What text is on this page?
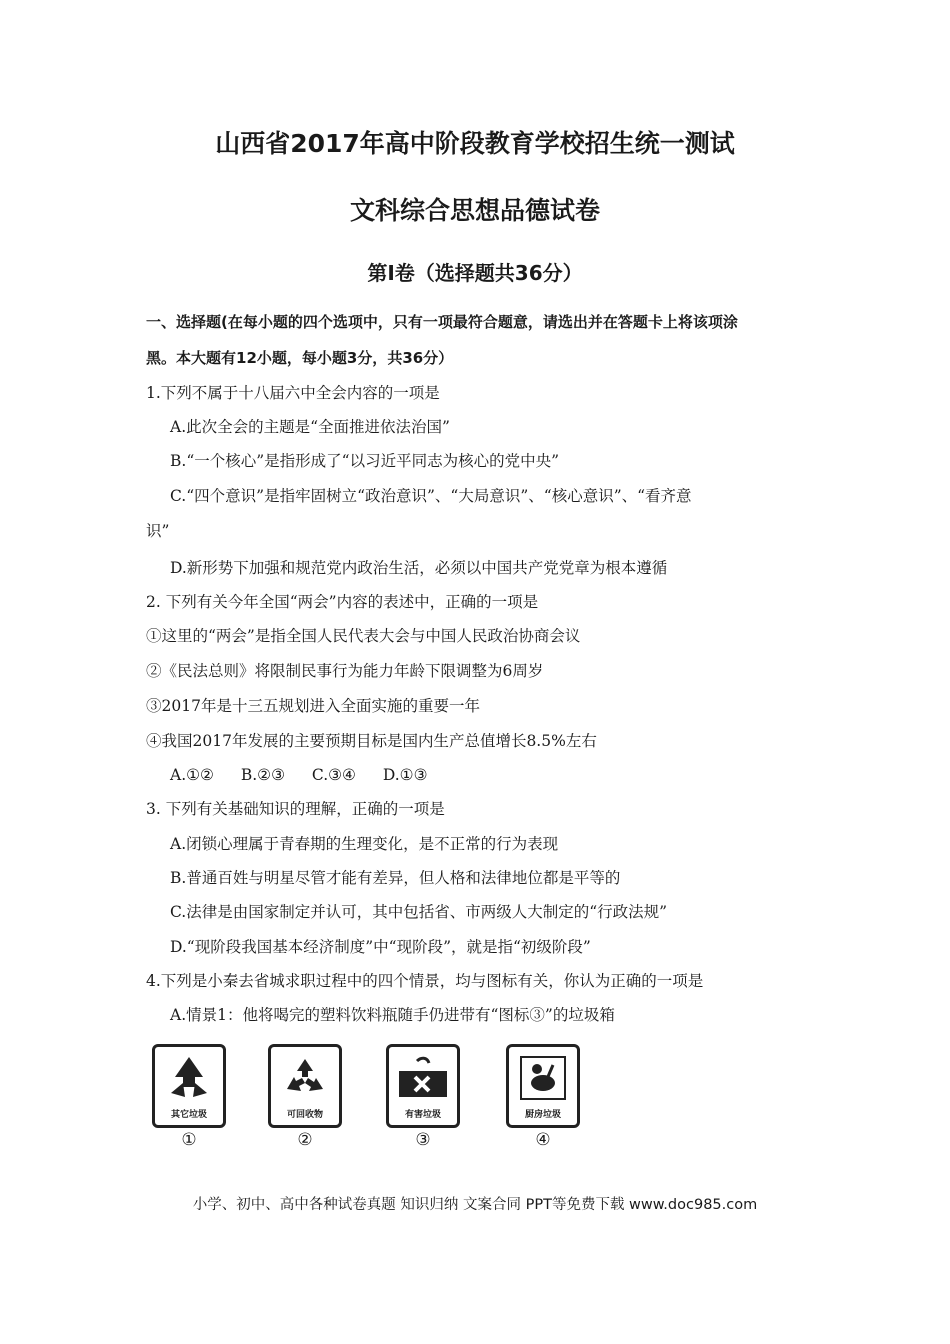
山西省2017年高中阶段教育学校招生统一测试
文科综合思想品德试卷
第Ⅰ卷（选择题共36分）
一、选择题(在每小题的四个选项中，只有一项最符合题意，请选出并在答题卡上将该项涂
黑。本大题有12小题，每小题3分，共36分）
1.下列不属于十八届六中全会内容的一项是
A.此次全会的主题是“全面推进依法治国”
B.“一个核心”是指形成了“以习近平同志为核心的党中央”
C.“四个意识”是指牢固树立“政治意识”、“大局意识”、“核心意识”、“看齐意
识”
D.新形势下加强和规范党内政治生活，必须以中国共产党党章为根本遵循
2. 下列有关今年全国“两会”内容的表述中，正确的一项是
①这里的“两会”是指全国人民代表大会与中国人民政治协商会议
②《民法总则》将限制民事行为能力年龄下限调整为6周岁
③2017年是十三五规划进入全面实施的重要一年
④我国2017年发展的主要预期目标是国内生产总值增长8.5%左右
A.①② B.②③ C.③④ D.①③
3. 下列有关基础知识的理解，正确的一项是
A.闭锁心理属于青春期的生理变化，是不正常的行为表现
B.普通百姓与明星尽管才能有差异，但人格和法律地位都是平等的
C.法律是由国家制定并认可，其中包括省、市两级人大制定的“行政法规”
D.“现阶段我国基本经济制度”中“现阶段”，就是指“初级阶段”
4.下列是小秦去省城求职过程中的四个情景，均与图标有关，你认为正确的一项是
A.情景1：他将喝完的塑料饮料瓶随手仍进带有“图标③”的垃圾箱
其它垃圾
①
可回收物
②
有害垃圾
③
厨房垃圾
④
小学、初中、高中各种试卷真题 知识归纳 文案合同 PPT等免费下载 www.doc985.com
